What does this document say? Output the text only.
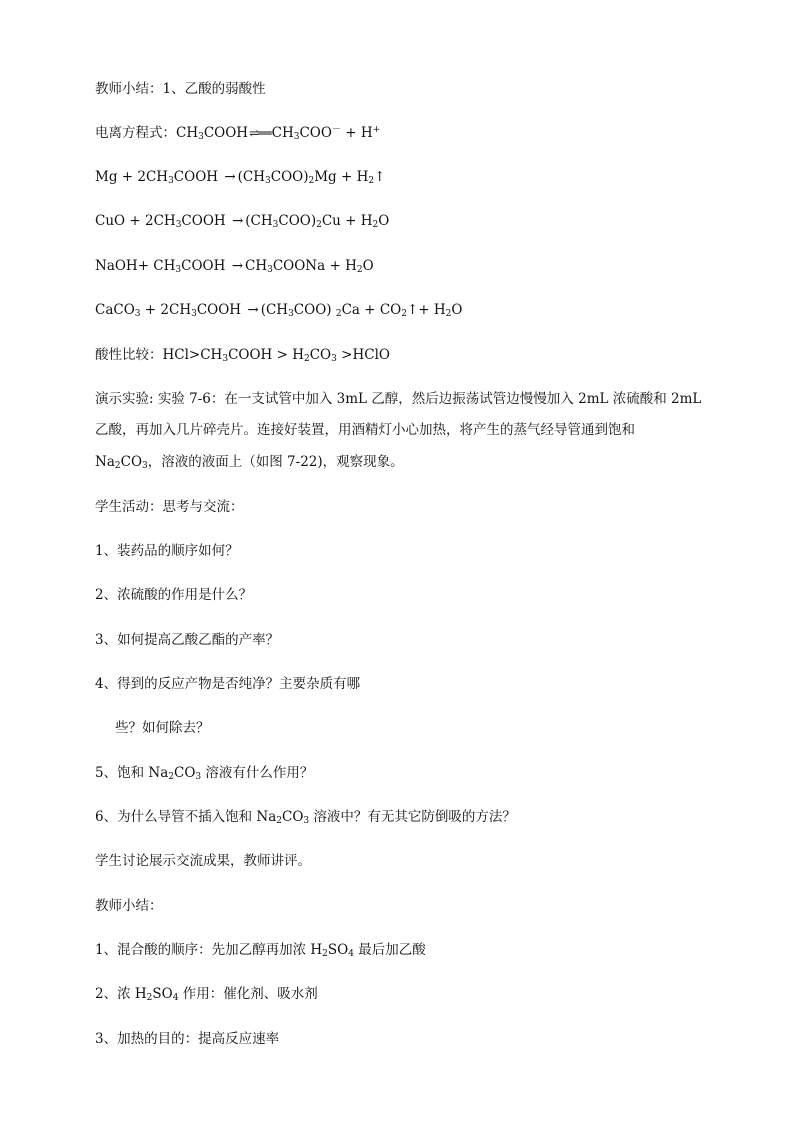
教师小结：1、乙酸的弱酸性
电离方程式：$CH_3COOH\rightleftharpoons══CH_3COO^- + H^+$
$Mg + 2CH_3COOH \to (CH_3COO)_2Mg$ + $H_2↑$
CuO + $2CH_3COOH \to (CH_3COO)_2Cu + H_2O$
NaOH+ $CH_3COOH$ → $CH_3COONa + H_2O$
CaCO$_3$ + $2CH_3COOH \to (CH_3COO) _2Ca$ + $CO_2↑+ H_2O$
酸性比较：$HCl>CH_3COOH > H_2CO_3$ >HClO
演示实验: 实验 7-6：在一支试管中加入 3mL 乙醇，然后边振荡试管边慢慢加入 2mL 浓硫酸和 2mL
乙酸，再加入几片碎壳片。连接好装置，用酒精灯小心加热，将产生的蒸气经导管通到饱和
$Na_2CO_3$，溶液的液面上（如图 7-22)，观察现象。
学生活动：思考与交流：
1、装药品的顺序如何？
2、浓硫酸的作用是什么？
3、如何提高乙酸乙酯的产率？
4、得到的反应产物是否纯净？主要杂质有哪
些？如何除去？
5、饱和 $Na_2CO_3$ 溶液有什么作用？
6、为什么导管不插入饱和 $Na_2CO_3$ 溶液中？有无其它防倒吸的方法？
学生讨论展示交流成果，教师讲评。
教师小结：
1、混合酸的顺序：先加乙醇再加浓 $H_2SO_4$ 最后加乙酸
2、浓 $H_2SO_4$ 作用：催化剂、吸水剂
3、加热的目的：提高反应速率
